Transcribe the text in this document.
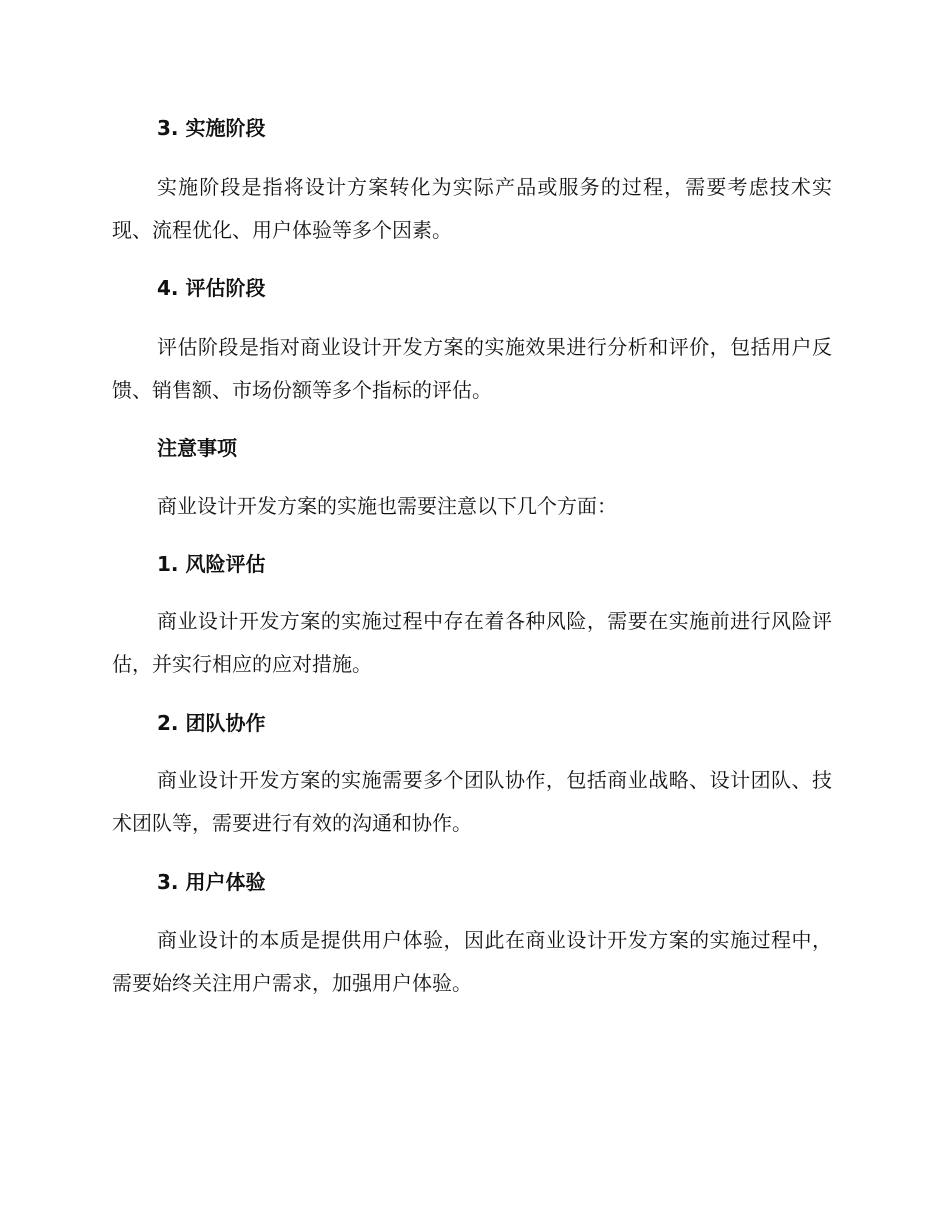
3. 实施阶段

实施阶段是指将设计方案转化为实际产品或服务的过程，需要考虑技术实现、流程优化、用户体验等多个因素。

4. 评估阶段

评估阶段是指对商业设计开发方案的实施效果进行分析和评价，包括用户反馈、销售额、市场份额等多个指标的评估。

注意事项

商业设计开发方案的实施也需要注意以下几个方面：

1. 风险评估

商业设计开发方案的实施过程中存在着各种风险，需要在实施前进行风险评估，并实行相应的应对措施。

2. 团队协作

商业设计开发方案的实施需要多个团队协作，包括商业战略、设计团队、技术团队等，需要进行有效的沟通和协作。

3. 用户体验

商业设计的本质是提供用户体验，因此在商业设计开发方案的实施过程中，需要始终关注用户需求，加强用户体验。
